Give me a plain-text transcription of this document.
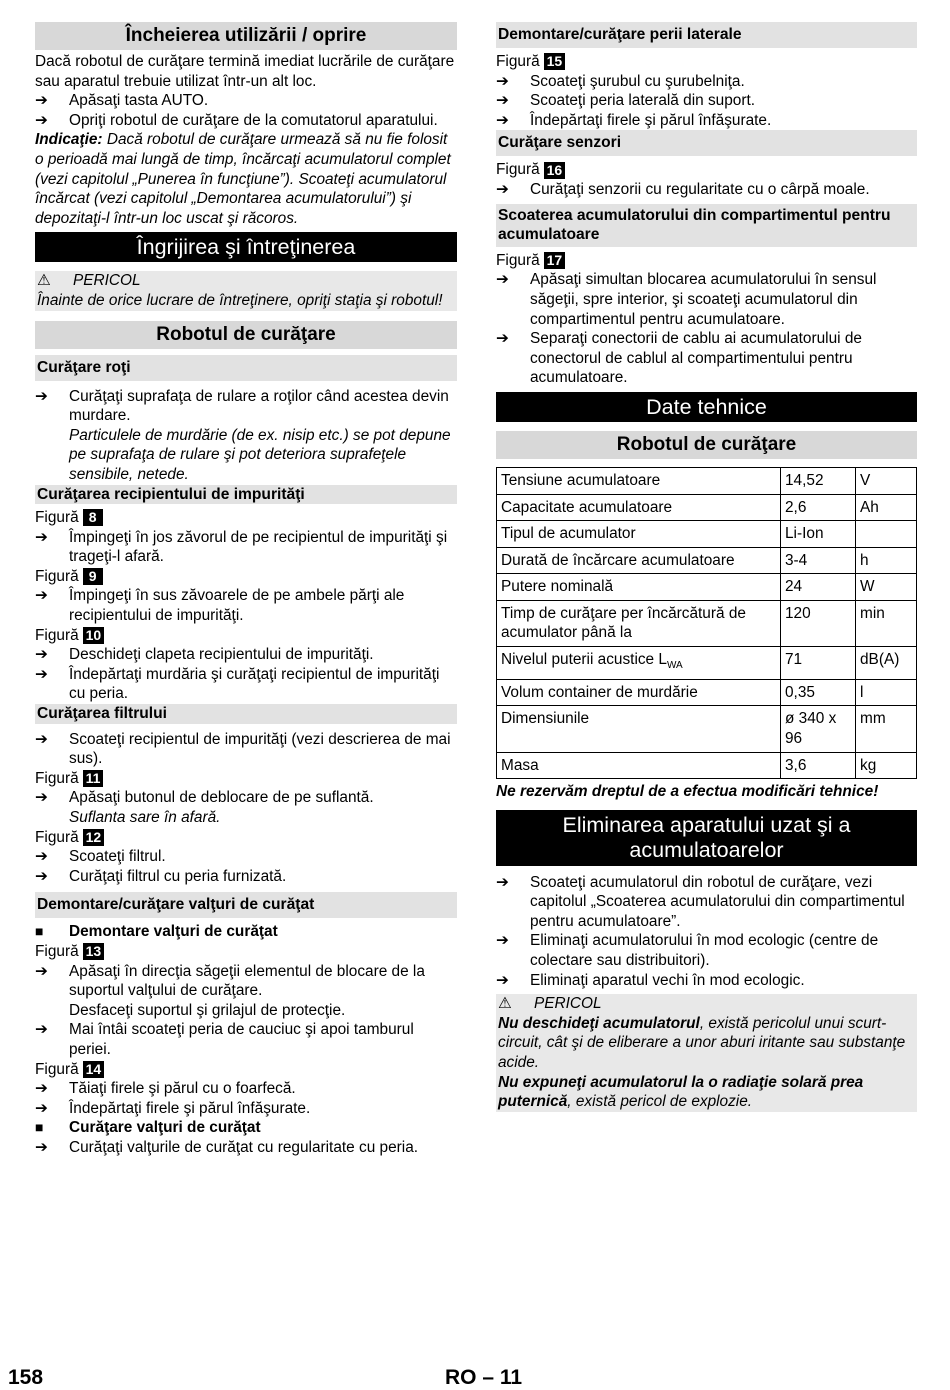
Încheierea utilizării / oprire

Dacă robotul de curăţare termină imediat lucrările de curăţare sau aparatul trebuie utilizat într-un alt loc.

➔	Apăsaţi tasta AUTO.
➔	Opriţi robotul de curăţare de la comutatorul aparatului.

Indicaţie: Dacă robotul de curăţare urmează să nu fie folosit o perioadă mai lungă de timp, încărcaţi acumulatorul complet (vezi capitolul „Punerea în funcţiune”). Scoateţi acumulatorul încărcat (vezi capitolul „Demontarea acumulatorului”) şi depozitaţi-l într-un loc uscat şi răcoros.

Îngrijirea şi întreţinerea
⚠	PERICOL
Înainte de orice lucrare de întreţinere, opriţi staţia şi robotul!
Robotul de curăţare
Curăţare roţi
➔	Curăţaţi suprafaţa de rulare a roţilor când acestea devin murdare.

Particulele de murdărie (de ex. nisip etc.) se pot depune pe suprafaţa de rulare şi pot deteriora suprafeţele sensibile, netede.

Curăţarea recipientului de impurităţi
Figură 8
➔	Împingeţi în jos zăvorul de pe recipientul de impurităţi şi trageţi-l afară.
Figură 9
➔	Împingeţi în sus zăvoarele de pe ambele părţi ale recipientului de impurităţi.
Figură 10
➔	Deschideţi clapeta recipientului de impurităţi.
➔	Îndepărtaţi murdăria şi curăţaţi recipientul de impurităţi cu peria.
Curăţarea filtrului
➔	Scoateţi recipientul de impurităţi (vezi descrierea de mai sus).
Figură 11
➔	Apăsaţi butonul de deblocare de pe suflantă.

Suflanta sare în afară.

Figură 12
➔	Scoateţi filtrul.
➔	Curăţaţi filtrul cu peria furnizată.
Demontare/curăţare valţuri de curăţat
■	Demontare valţuri de curăţat
Figură 13
➔	Apăsaţi în direcţia săgeţii elementul de blocare de la suportul valţului de curăţare.

Desfaceţi suportul şi grilajul de protecţie.

➔	Mai întâi scoateţi peria de cauciuc şi apoi tamburul periei.
Figură 14
➔	Tăiaţi firele şi părul cu o foarfecă.
➔	Îndepărtaţi firele şi părul înfăşurate.
■	Curăţare valţuri de curăţat
➔	Curăţaţi valţurile de curăţat cu regularitate cu peria.
Demontare/curăţare perii laterale
Figură 15
➔	Scoateţi şurubul cu şurubelniţa.
➔	Scoateţi peria laterală din suport.
➔	Îndepărtaţi firele şi părul înfăşurate.
Curăţare senzori
Figură 16
➔	Curăţaţi senzorii cu regularitate cu o cârpă moale.
Scoaterea acumulatorului din compartimentul pentru acumulatoare
Figură 17
➔	Apăsaţi simultan blocarea acumulatorului în sensul săgeţii, spre interior, şi scoateţi acumulatorul din compartimentul pentru acumulatoare.
➔	Separaţi conectorii de cablu ai acumulatorului de conectorul de cablul al compartimentului pentru acumulatoare.
Date tehnice
Robotul de curăţare
Tensiune acumulatoare	14,52	V
Capacitate acumulatoare	2,6	Ah
Tipul de acumulator	Li-Ion	
Durată de încărcare acumulatoare	3-4	h
Putere nominală	24	W
Timp de curăţare per încărcătură de acumulator până la	120	min
Nivelul puterii acustice $L_{WA}$	71	dB(A)
Volum container de murdărie	0,35	l
Dimensiunile	ø 340 x 96	mm
Masa	3,6	kg

Ne rezervăm dreptul de a efectua modificări tehnice!

Eliminarea aparatului uzat şi a acumulatoarelor
➔	Scoateţi acumulatorul din robotul de curăţare, vezi capitolul „Scoaterea acumulatorului din compartimentul pentru acumulatoare”.
➔	Eliminaţi acumulatorului în mod ecologic (centre de colectare sau distribuitori).
➔	Eliminaţi aparatul vechi în mod ecologic.
⚠	PERICOL
Nu deschideţi acumulatorul, există pericolul unui scurt-circuit, cât şi de eliberare a unor aburi iritante sau substanţe acide.
Nu expuneţi acumulatorul la o radiaţie solară prea puternică, există pericol de explozie.
158	RO – 11
